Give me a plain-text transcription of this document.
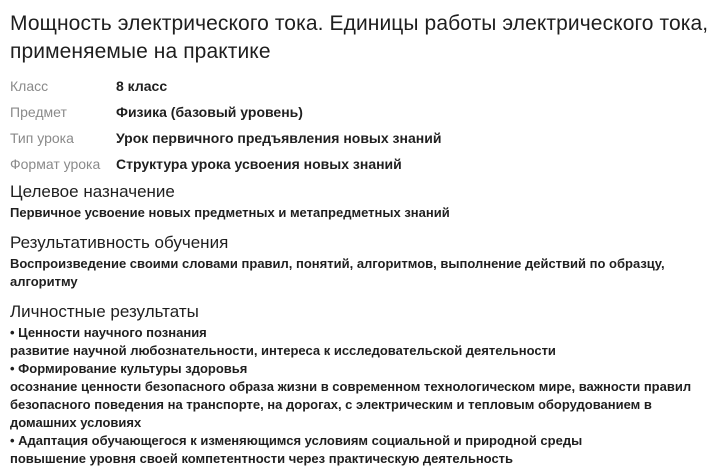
Мощность электрического тока. Единицы работы электрического тока, применяемые на практике
Класс	8 класс
Предмет	Физика (базовый уровень)
Тип урока	Урок первичного предъявления новых знаний
Формат урока	Структура урока усвоения новых знаний
Целевое назначение

Первичное усвоение новых предметных и метапредметных знаний

Результативность обучения

Воспроизведение своими словами правил, понятий, алгоритмов, выполнение действий по образцу, алгоритму

Личностные результаты
• Ценности научного познания
развитие научной любознательности, интереса к исследовательской деятельности
• Формирование культуры здоровья
осознание ценности безопасного образа жизни в современном технологическом мире, важности правил безопасного поведения на транспорте, на дорогах, с электрическим и тепловым оборудованием в домашних условиях
• Адаптация обучающегося к изменяющимся условиям социальной и природной среды
повышение уровня своей компетентности через практическую деятельность
